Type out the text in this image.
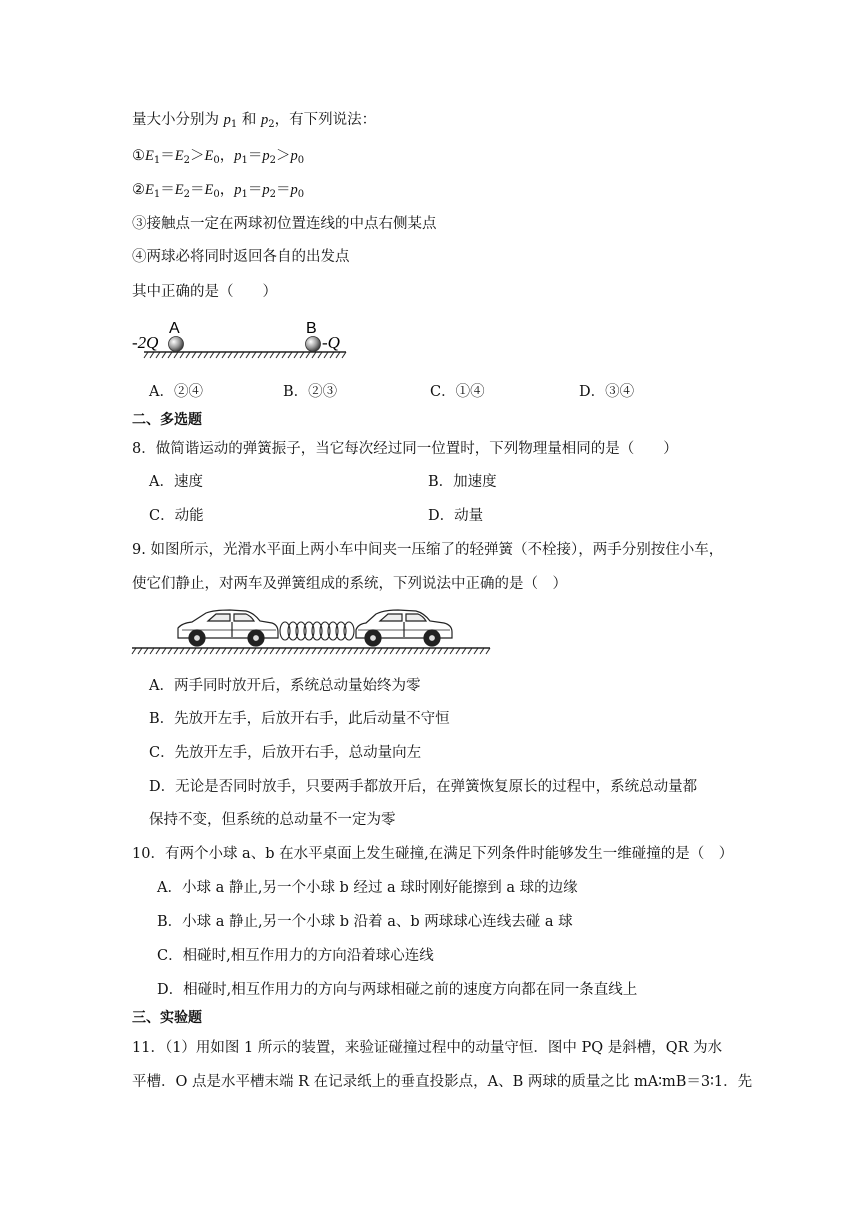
量大小分别为 $p_1$ 和 $p_2$，有下列说法：
$①E_1=E_2>E_0$，$p_1=p_2>p_0$
$②E_1=E_2=E_0$，$p_1=p_2=p_0$
③接触点一定在两球初位置连线的中点右侧某点
④两球必将同时返回各自的出发点
其中正确的是（　　）
A	B
-2Q	-Q
A．②④	B．②③	C．①④	D．③④
二、多选题
8．做简谐运动的弹簧振子，当它每次经过同一位置时，下列物理量相同的是（　　）
A．速度	B．加速度
C．动能	D．动量
9. 如图所示，光滑水平面上两小车中间夹一压缩了的轻弹簧（不栓接），两手分别按住小车，
使它们静止，对两车及弹簧组成的系统，下列说法中正确的是（　）
A．两手同时放开后，系统总动量始终为零
B．先放开左手，后放开右手，此后动量不守恒
C．先放开左手，后放开右手，总动量向左
D．无论是否同时放手，只要两手都放开后，在弹簧恢复原长的过程中，系统总动量都
保持不变，但系统的总动量不一定为零
10．有两个小球 a、b 在水平桌面上发生碰撞,在满足下列条件时能够发生一维碰撞的是（　）
A．小球 a 静止,另一个小球 b 经过 a 球时刚好能擦到 a 球的边缘
B．小球 a 静止,另一个小球 b 沿着 a、b 两球球心连线去碰 a 球
C．相碰时,相互作用力的方向沿着球心连线
D．相碰时,相互作用力的方向与两球相碰之前的速度方向都在同一条直线上
三、实验题
11．（1）用如图 1 所示的装置，来验证碰撞过程中的动量守恒．图中 PQ 是斜槽，QR 为水
平槽．O 点是水平槽末端 R 在记录纸上的垂直投影点，A、B 两球的质量之比 mA∶mB＝3∶1．先
